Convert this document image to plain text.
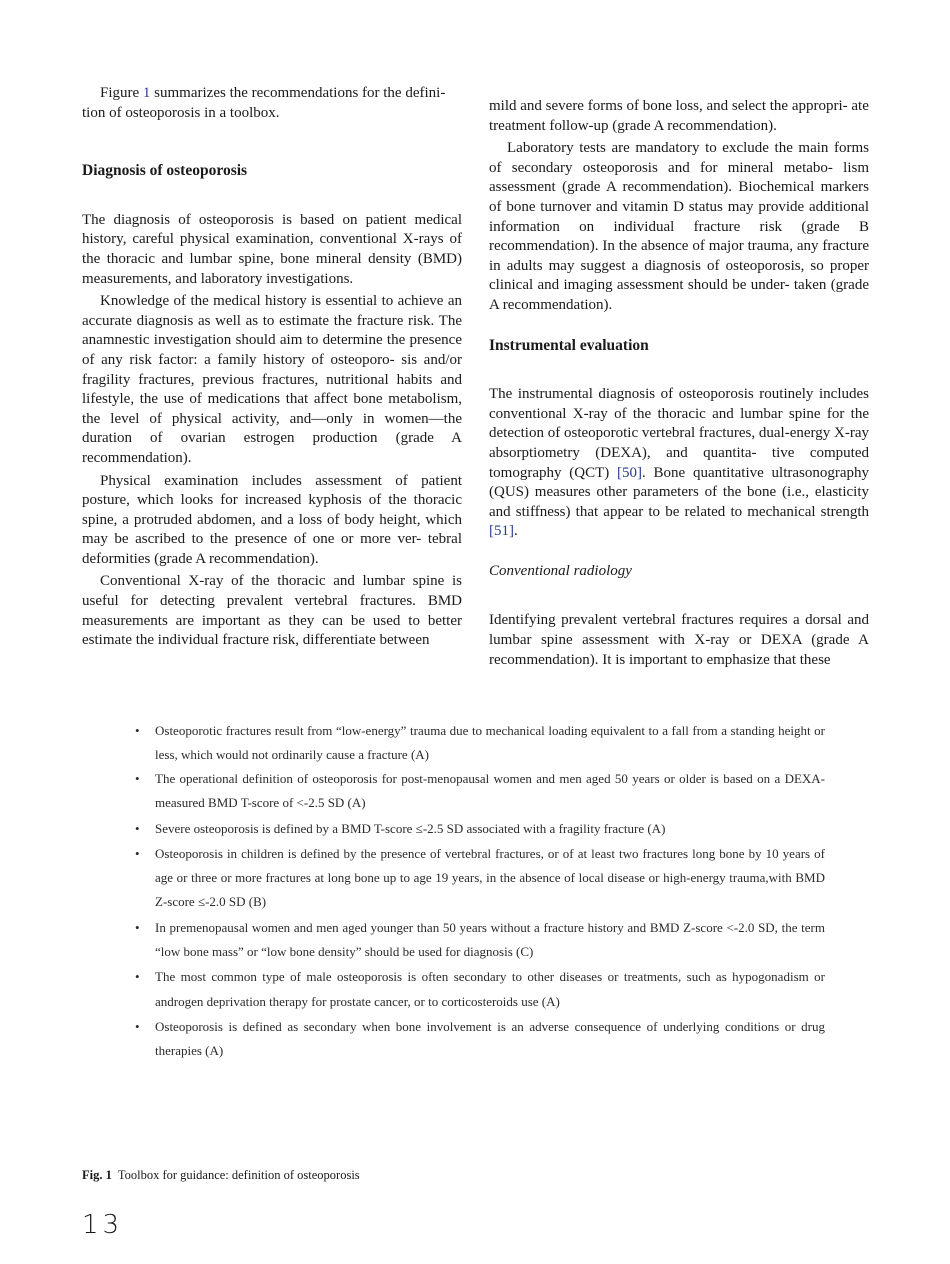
Figure 1 summarizes the recommendations for the defini- tion of osteoporosis in a toolbox.

Diagnosis of osteoporosis

The diagnosis of osteoporosis is based on patient medical history, careful physical examination, conventional X-rays of the thoracic and lumbar spine, bone mineral density (BMD) measurements, and laboratory investigations.

Knowledge of the medical history is essential to achieve an accurate diagnosis as well as to estimate the fracture risk. The anamnestic investigation should aim to determine the presence of any risk factor: a family history of osteoporo- sis and/or fragility fractures, previous fractures, nutritional habits and lifestyle, the use of medications that affect bone metabolism, the level of physical activity, and—only in women—the duration of ovarian estrogen production (grade A recommendation).

Physical examination includes assessment of patient posture, which looks for increased kyphosis of the thoracic spine, a protruded abdomen, and a loss of body height, which may be ascribed to the presence of one or more ver- tebral deformities (grade A recommendation).

Conventional X-ray of the thoracic and lumbar spine is useful for detecting prevalent vertebral fractures. BMD measurements are important as they can be used to better estimate the individual fracture risk, differentiate between

mild and severe forms of bone loss, and select the appropri- ate treatment follow-up (grade A recommendation).

Laboratory tests are mandatory to exclude the main forms of secondary osteoporosis and for mineral metabo- lism assessment (grade A recommendation). Biochemical markers of bone turnover and vitamin D status may provide additional information on individual fracture risk (grade B recommendation). In the absence of major trauma, any fracture in adults may suggest a diagnosis of osteoporosis, so proper clinical and imaging assessment should be under- taken (grade A recommendation).

Instrumental evaluation

The instrumental diagnosis of osteoporosis routinely includes conventional X-ray of the thoracic and lumbar spine for the detection of osteoporotic vertebral fractures, dual-energy X-ray absorptiometry (DEXA), and quantita- tive computed tomography (QCT) [50]. Bone quantitative ultrasonography (QUS) measures other parameters of the bone (i.e., elasticity and stiffness) that appear to be related to mechanical strength [51].

Conventional radiology

Identifying prevalent vertebral fractures requires a dorsal and lumbar spine assessment with X-ray or DEXA (grade A recommendation). It is important to emphasize that these

• Osteoporotic fractures result from “low-energy” trauma due to mechanical loading equivalent to a fall from a standing height or less, which would not ordinarily cause a fracture (A)
• The operational definition of osteoporosis for post-menopausal women and men aged 50 years or older is based on a DEXA-measured BMD T-score of <-2.5 SD (A)
• Severe osteoporosis is defined by a BMD T-score ≤-2.5 SD associated with a fragility fracture (A)
• Osteoporosis in children is defined by the presence of vertebral fractures, or of at least two fractures long bone by 10 years of age or three or more fractures at long bone up to age 19 years, in the absence of local disease or high-energy trauma,with BMD Z-score ≤-2.0 SD (B)
• In premenopausal women and men aged younger than 50 years without a fracture history and BMD Z-score <-2.0 SD, the term “low bone mass” or “low bone density” should be used for diagnosis (C)
• The most common type of male osteoporosis is often secondary to other diseases or treatments, such as hypogonadism or androgen deprivation therapy for prostate cancer, or to corticosteroids use (A)
• Osteoporosis is defined as secondary when bone involvement is an adverse consequence of underlying conditions or drug therapies (A)
Fig. 1 Toolbox for guidance: definition of osteoporosis
13
